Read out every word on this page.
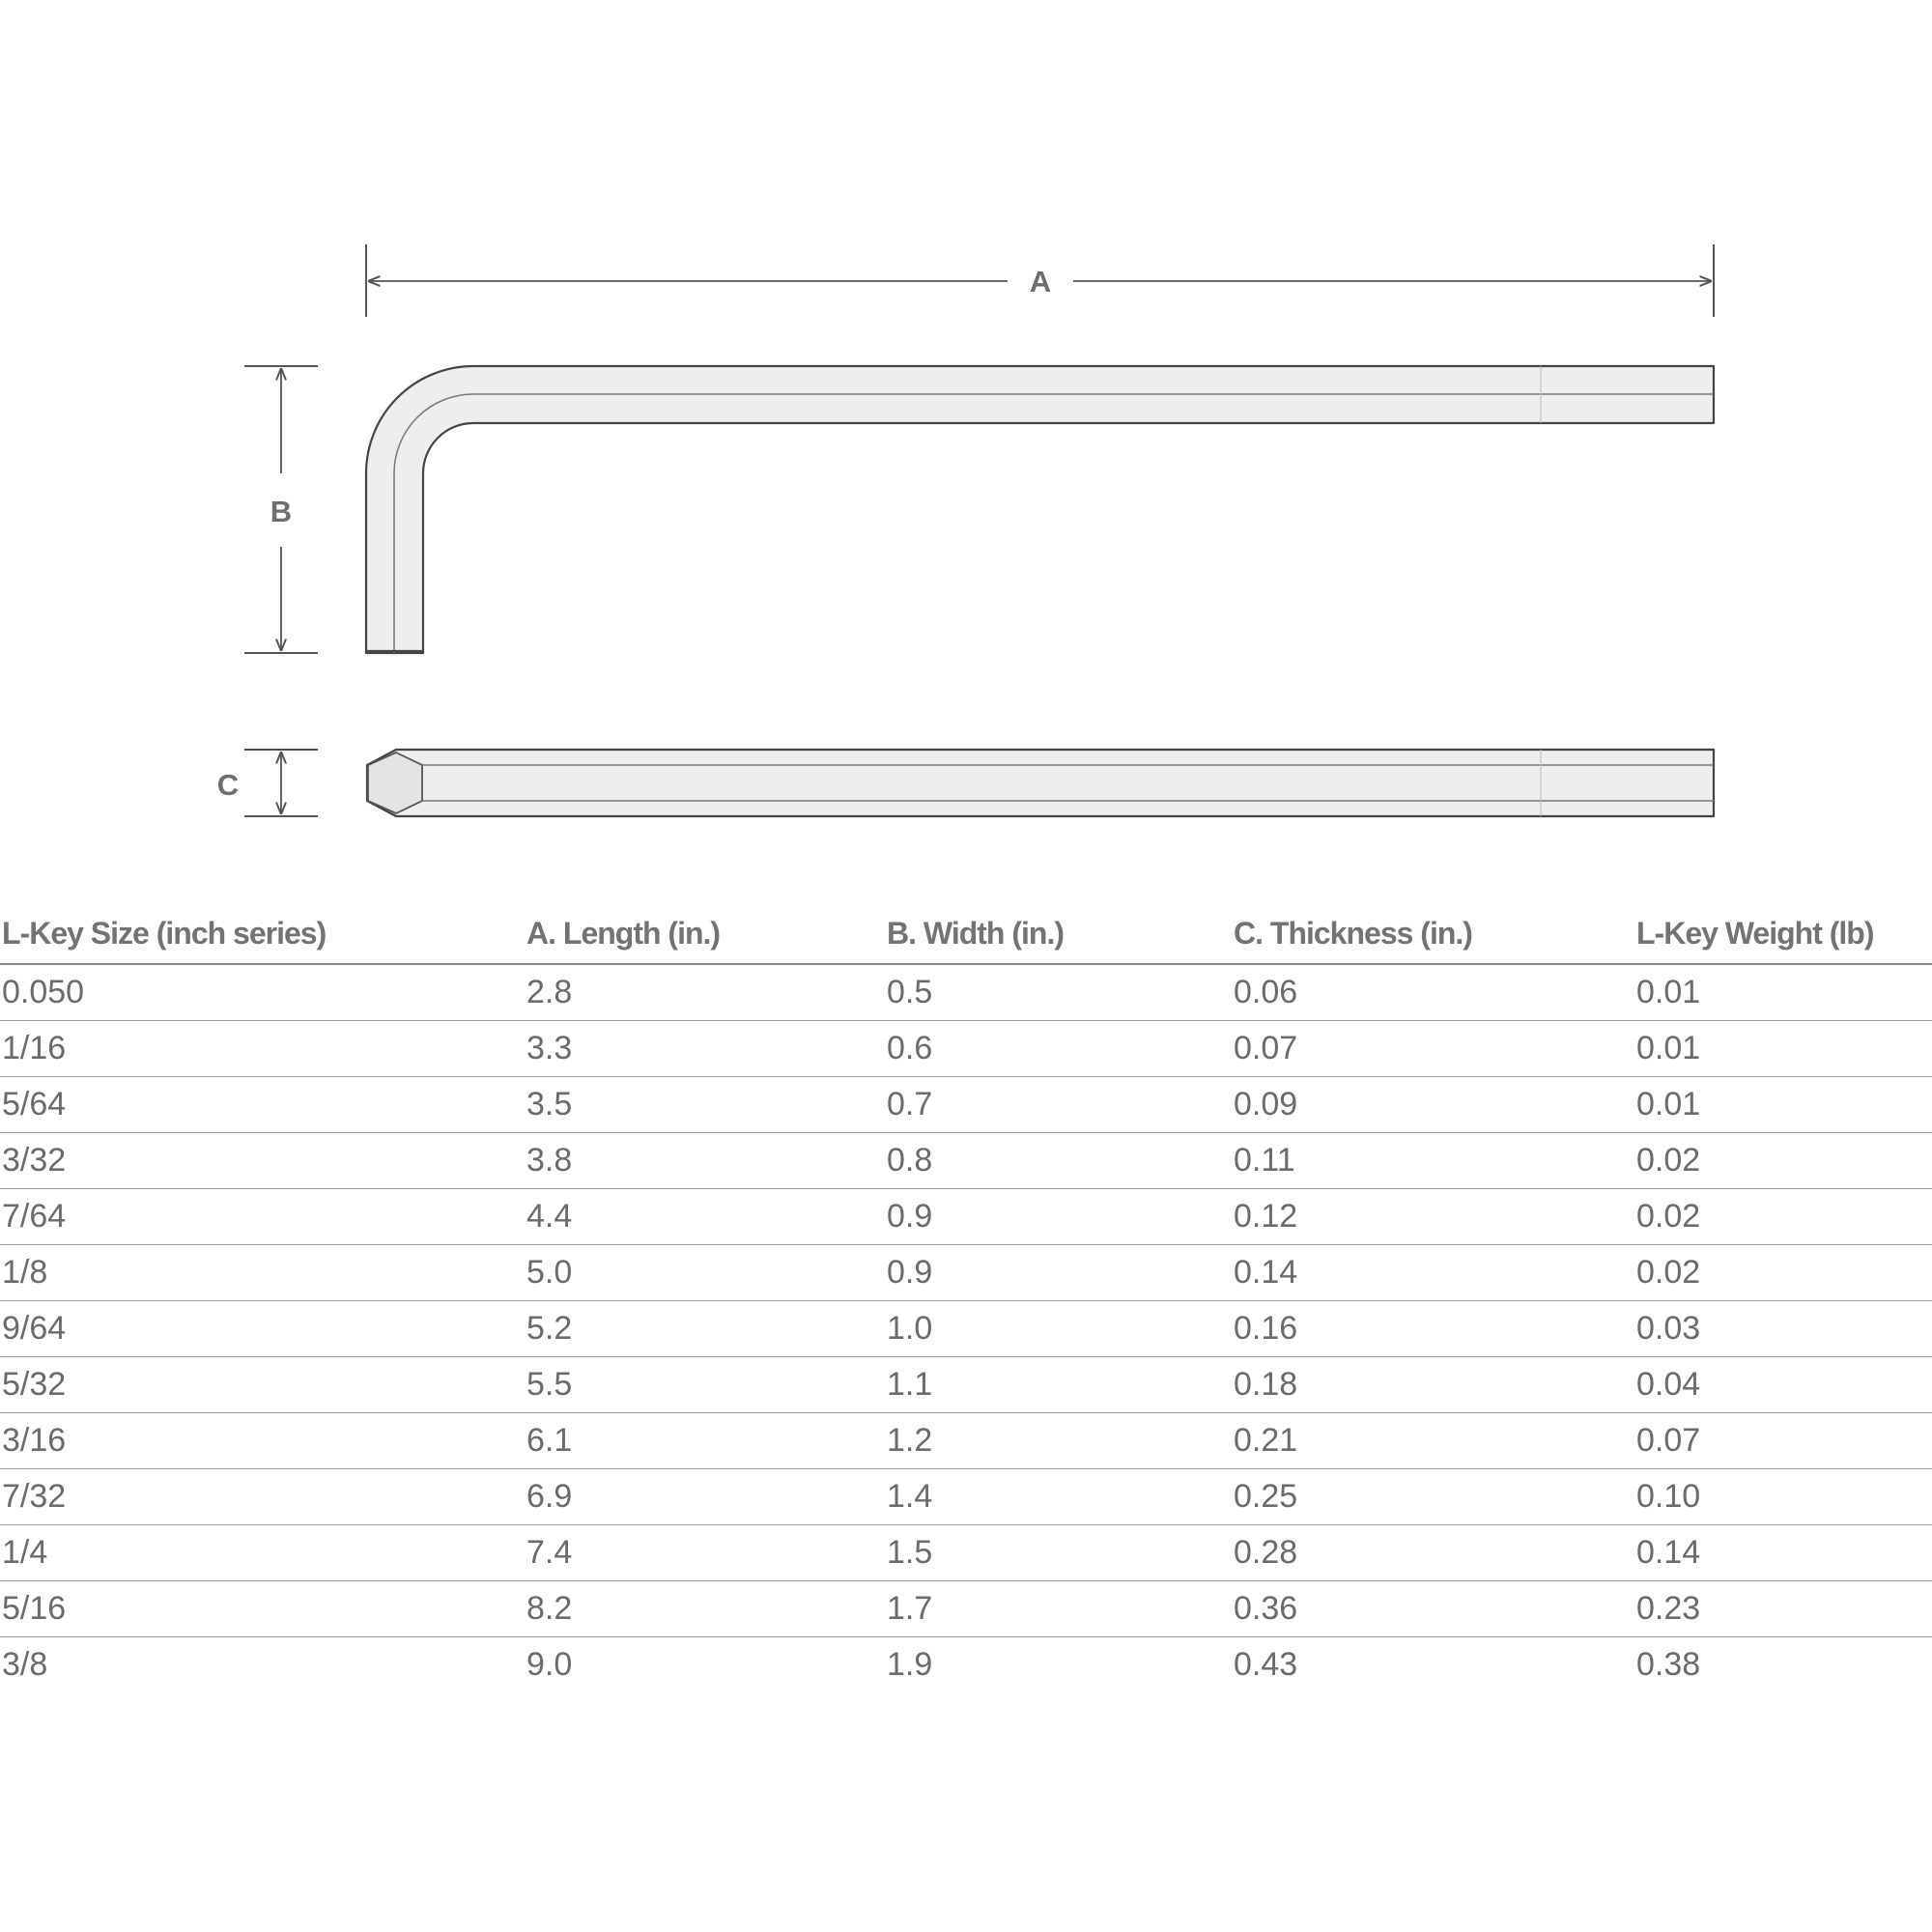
A
B
C
L-Key Size (inch series)	A. Length (in.)	B. Width (in.)	C. Thickness (in.)	L-Key Weight (lb)
0.050	2.8	0.5	0.06	0.01
1/16	3.3	0.6	0.07	0.01
5/64	3.5	0.7	0.09	0.01
3/32	3.8	0.8	0.11	0.02
7/64	4.4	0.9	0.12	0.02
1/8	5.0	0.9	0.14	0.02
9/64	5.2	1.0	0.16	0.03
5/32	5.5	1.1	0.18	0.04
3/16	6.1	1.2	0.21	0.07
7/32	6.9	1.4	0.25	0.10
1/4	7.4	1.5	0.28	0.14
5/16	8.2	1.7	0.36	0.23
3/8	9.0	1.9	0.43	0.38
